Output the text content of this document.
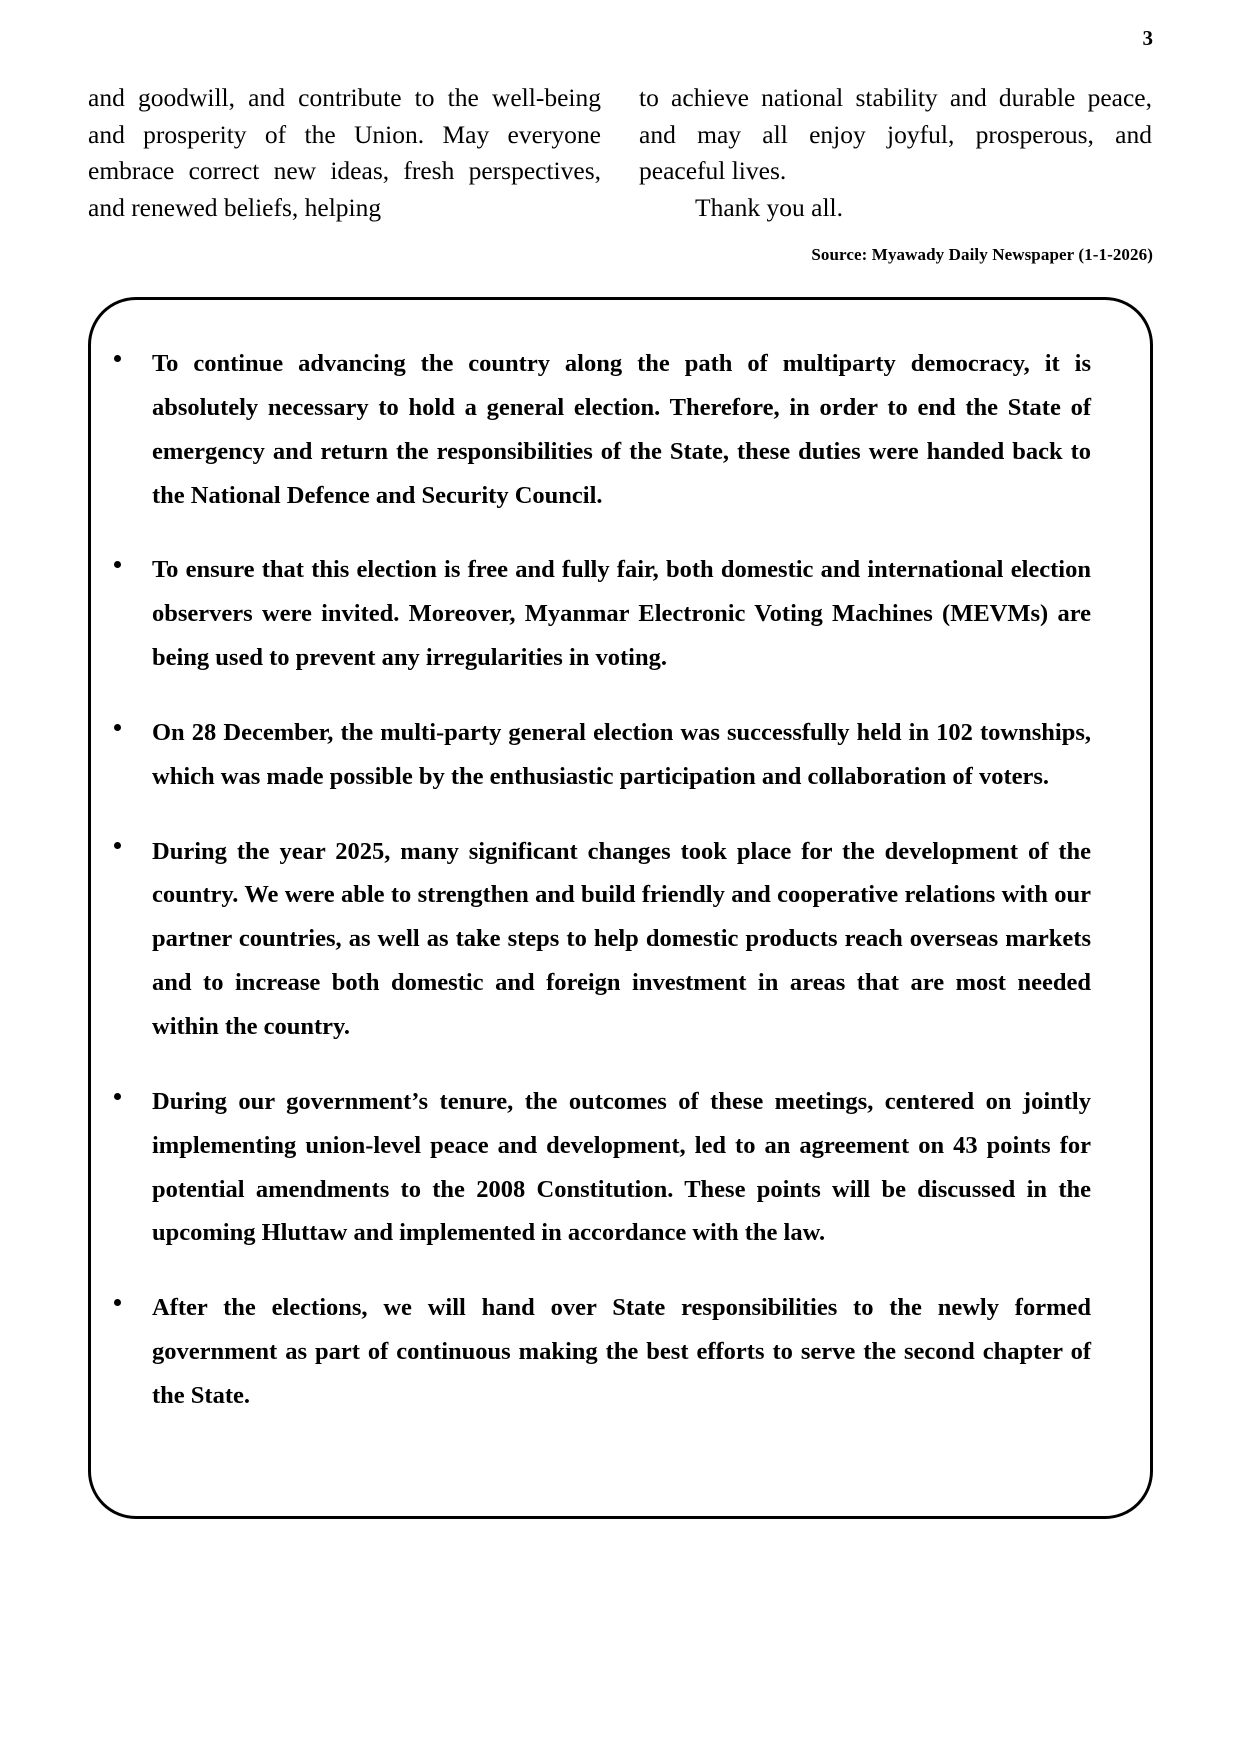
3

and goodwill, and contribute to the well-being and prosperity of the Union. May everyone embrace correct new ideas, fresh perspectives, and renewed beliefs, helping

to achieve national stability and durable peace, and may all enjoy joyful, prosperous, and peaceful lives.

Thank you all.

Source: Myawady Daily Newspaper (1-1-2026)
To continue advancing the country along the path of multiparty democracy, it is absolutely necessary to hold a general election. Therefore, in order to end the State of emergency and return the responsibilities of the State, these duties were handed back to the National Defence and Security Council.
To ensure that this election is free and fully fair, both domestic and international election observers were invited. Moreover, Myanmar Electronic Voting Machines (MEVMs) are being used to prevent any irregularities in voting.
On 28 December, the multi-party general election was successfully held in 102 townships, which was made possible by the enthusiastic participation and collaboration of voters.
During the year 2025, many significant changes took place for the development of the country. We were able to strengthen and build friendly and cooperative relations with our partner countries, as well as take steps to help domestic products reach overseas markets and to increase both domestic and foreign investment in areas that are most needed within the country.
During our government’s tenure, the outcomes of these meetings, centered on jointly implementing union-level peace and development, led to an agreement on 43 points for potential amendments to the 2008 Constitution. These points will be discussed in the upcoming Hluttaw and implemented in accordance with the law.
After the elections, we will hand over State responsibilities to the newly formed government as part of continuous making the best efforts to serve the second chapter of the State.
